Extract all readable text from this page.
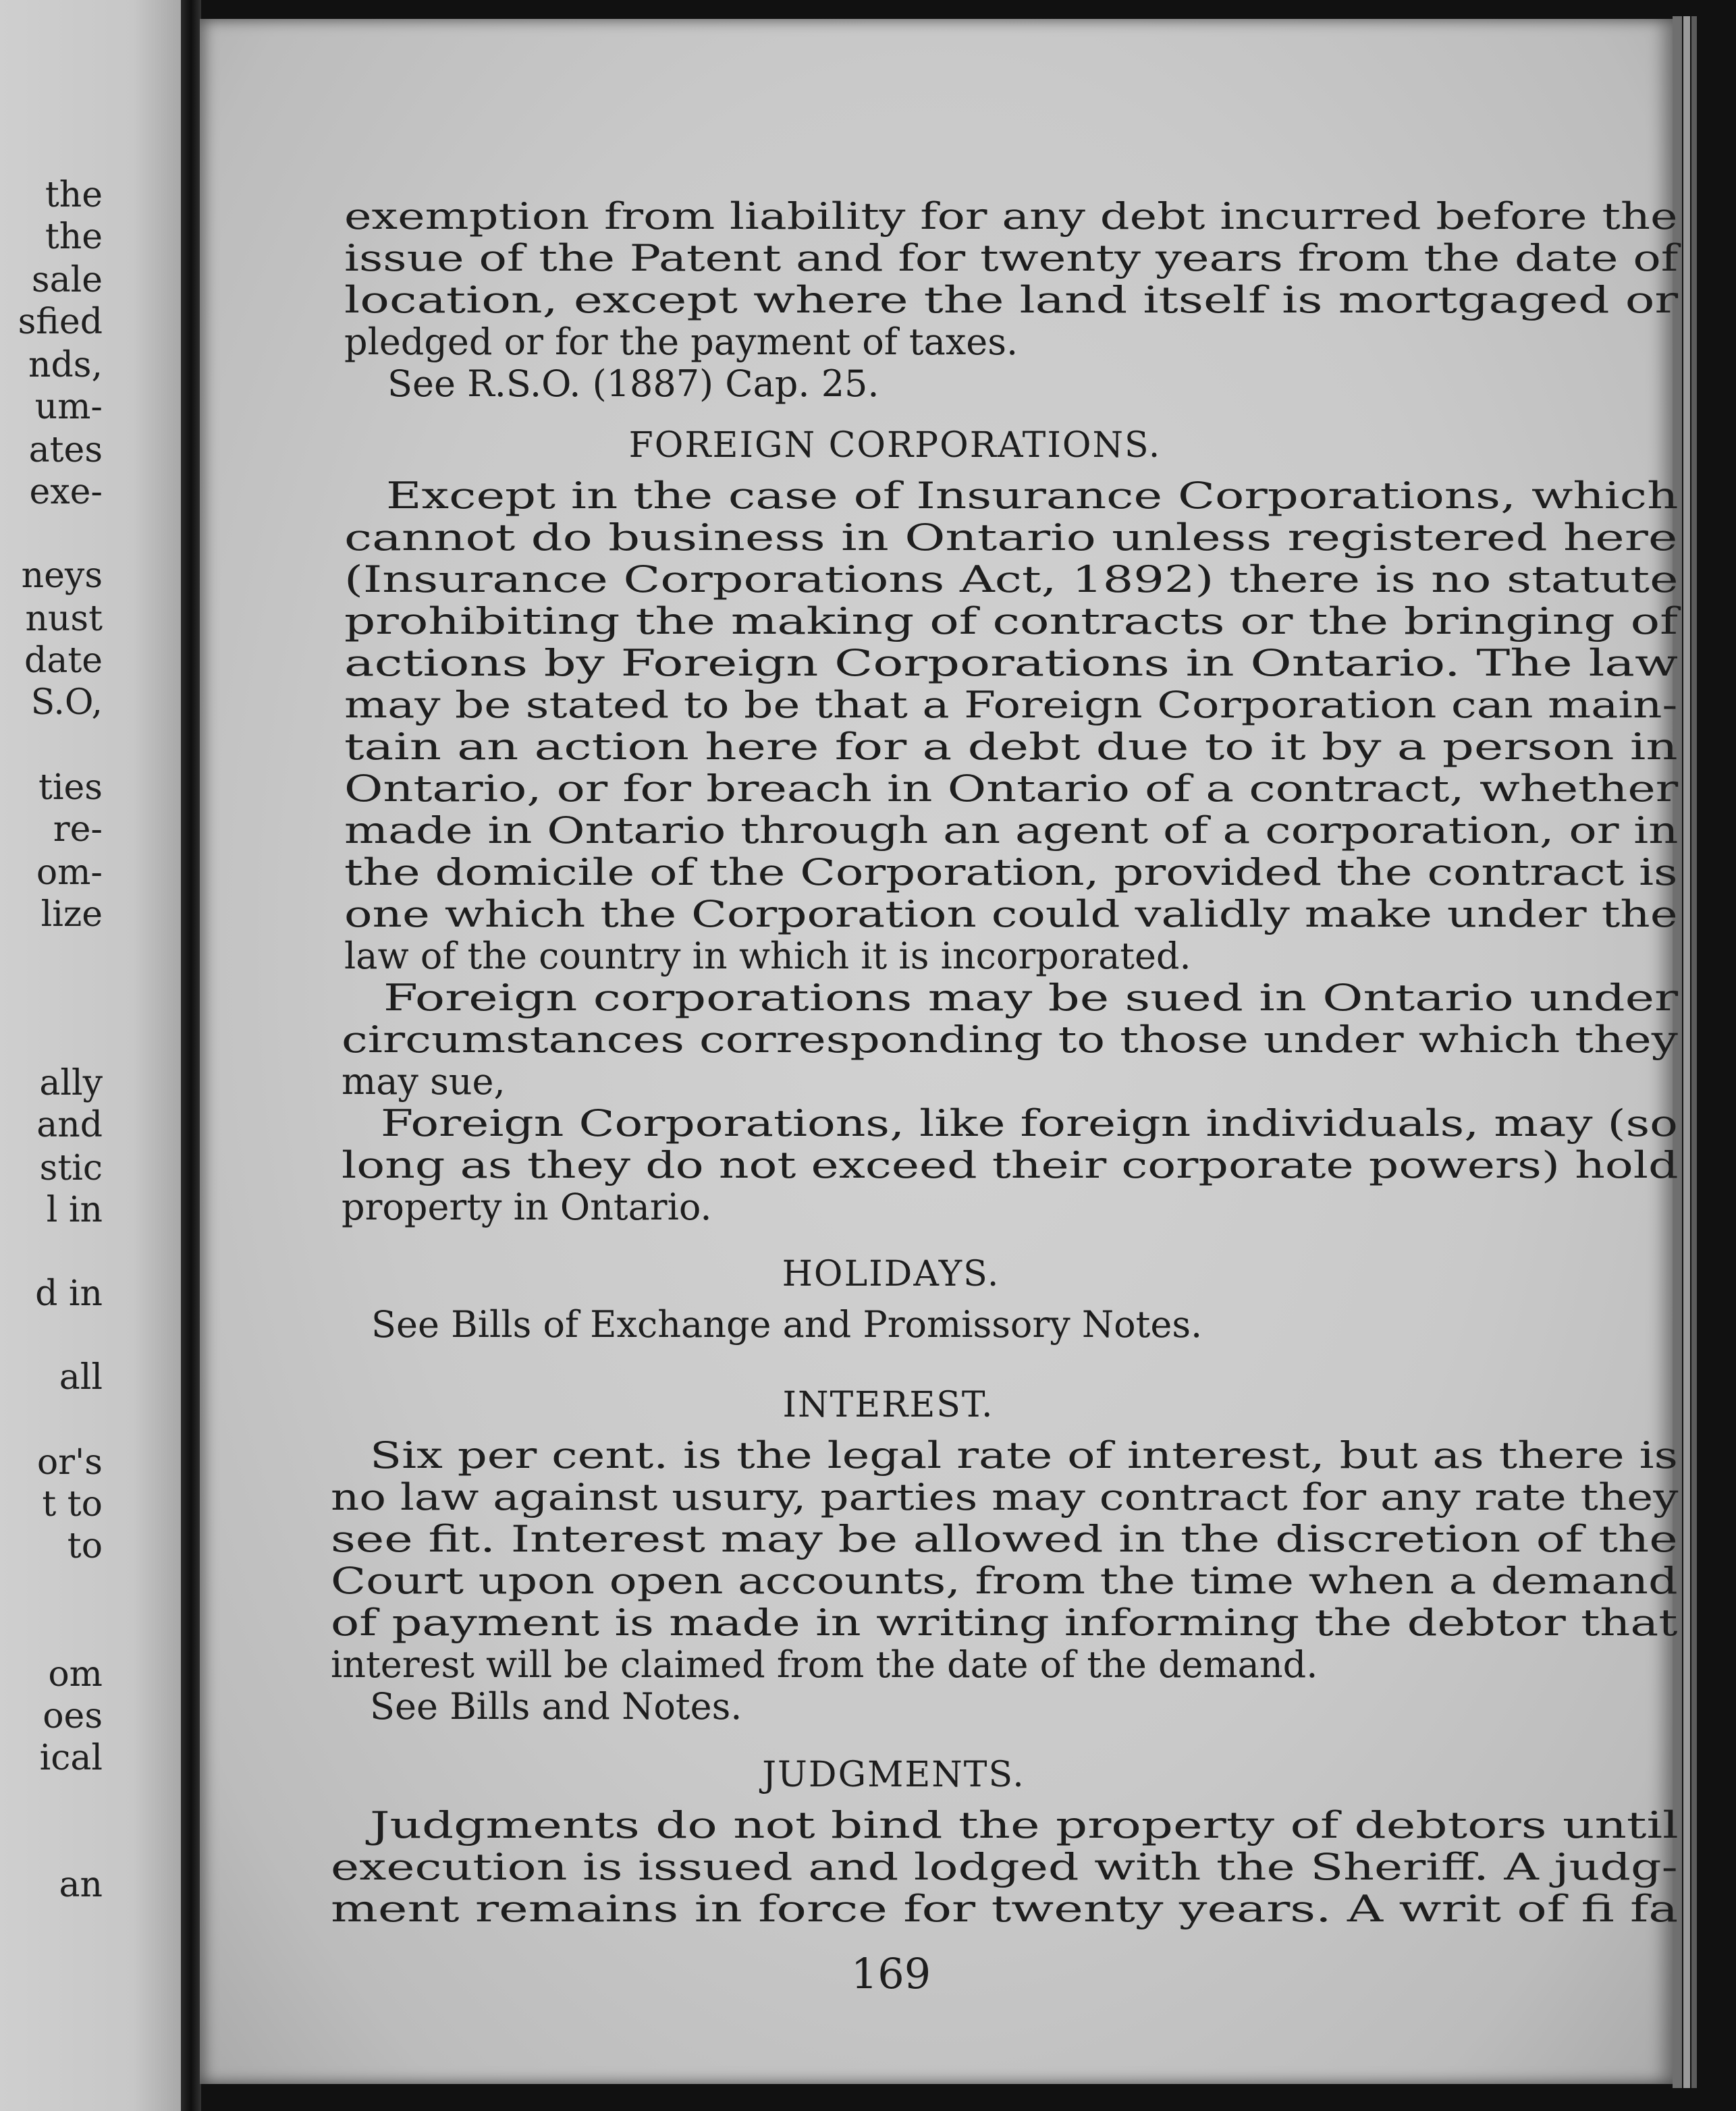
the
the
sale
sfied
nds,
um-
ates
exe-
neys
nust
date
S.O,
ties
re-
om-
lize
ally
and
stic
l in
d in
all
or's
t to
to
om
oes
ical
an
exemption from liability for any debt incurred before the
issue of the Patent and for twenty years from the date of
location, except where the land itself is mortgaged or
pledged or for the payment of taxes.
See R.S.O. (1887) Cap. 25.
FOREIGN CORPORATIONS.
Except in the case of Insurance Corporations, which
cannot do business in Ontario unless registered here
(Insurance Corporations Act, 1892) there is no statute
prohibiting the making of contracts or the bringing of
actions by Foreign Corporations in Ontario. The law
may be stated to be that a Foreign Corporation can main-
tain an action here for a debt due to it by a person in
Ontario, or for breach in Ontario of a contract, whether
made in Ontario through an agent of a corporation, or in
the domicile of the Corporation, provided the contract is
one which the Corporation could validly make under the
law of the country in which it is incorporated.
Foreign corporations may be sued in Ontario under
circumstances corresponding to those under which they
may sue,
Foreign Corporations, like foreign individuals, may (so
long as they do not exceed their corporate powers) hold
property in Ontario.
HOLIDAYS.
See Bills of Exchange and Promissory Notes.
INTEREST.
Six per cent. is the legal rate of interest, but as there is
no law against usury, parties may contract for any rate they
see fit. Interest may be allowed in the discretion of the
Court upon open accounts, from the time when a demand
of payment is made in writing informing the debtor that
interest will be claimed from the date of the demand.
See Bills and Notes.
JUDGMENTS.
Judgments do not bind the property of debtors until
execution is issued and lodged with the Sheriff. A judg-
ment remains in force for twenty years. A writ of fi fa
169
